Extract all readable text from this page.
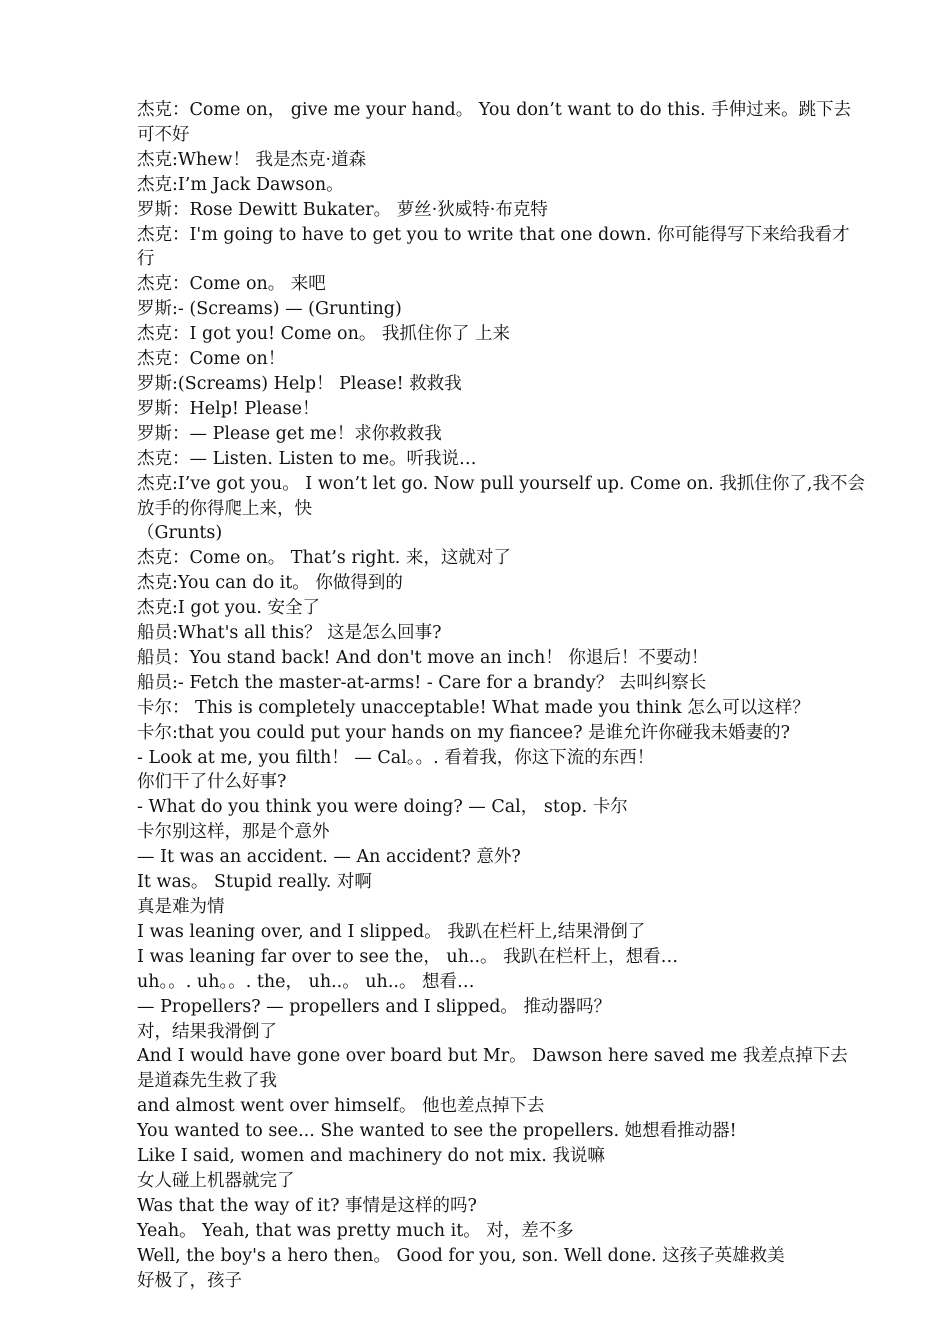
杰克：Come on， give me your hand。 You don’t want to do this. 手伸过来。跳下去可不好

杰克:Whew！ 我是杰克·道森

杰克:I’m Jack Dawson。

罗斯：Rose Dewitt Bukater。 萝丝·狄威特·布克特

杰克：I'm going to have to get you to write that one down. 你可能得写下来给我看才行

杰克：Come on。 来吧

罗斯:- (Screams) — (Grunting)

杰克：I got you! Come on。 我抓住你了 上来

杰克：Come on！

罗斯:(Screams) Help！ Please! 救救我

罗斯：Help! Please！

罗斯：— Please get me！求你救救我

杰克：— Listen. Listen to me。听我说…

杰克:I’ve got you。 I won’t let go. Now pull yourself up. Come on. 我抓住你了,我不会放手的你得爬上来，快

（Grunts)

杰克：Come on。 That’s right. 来，这就对了

杰克:You can do it。 你做得到的

杰克:I got you. 安全了

船员:What's all this？ 这是怎么回事?

船员：You stand back! And don't move an inch！ 你退后！不要动！

船员:- Fetch the master-at-arms! - Care for a brandy？ 去叫纠察长

卡尔： This is completely unacceptable! What made you think 怎么可以这样？

卡尔:that you could put your hands on my fiancee? 是谁允许你碰我未婚妻的?

- Look at me, you filth！ — Cal。。. 看着我，你这下流的东西！

你们干了什么好事?

- What do you think you were doing? — Cal， stop. 卡尔

卡尔别这样，那是个意外

— It was an accident. — An accident? 意外?

It was。 Stupid really. 对啊

真是难为情

I was leaning over, and I slipped。 我趴在栏杆上,结果滑倒了

I was leaning far over to see the， uh..。 我趴在栏杆上，想看…

uh。。. uh。。. the， uh..。 uh..。 想看…

— Propellers? — propellers and I slipped。 推动器吗？

对，结果我滑倒了

And I would have gone over board but Mr。 Dawson here saved me 我差点掉下去

是道森先生救了我

and almost went over himself。 他也差点掉下去

You wanted to see... She wanted to see the propellers. 她想看推动器!

Like I said, women and machinery do not mix. 我说嘛

女人碰上机器就完了

Was that the way of it? 事情是这样的吗?

Yeah。 Yeah, that was pretty much it。 对，差不多

Well, the boy's a hero then。 Good for you, son. Well done. 这孩子英雄救美

好极了，孩子
